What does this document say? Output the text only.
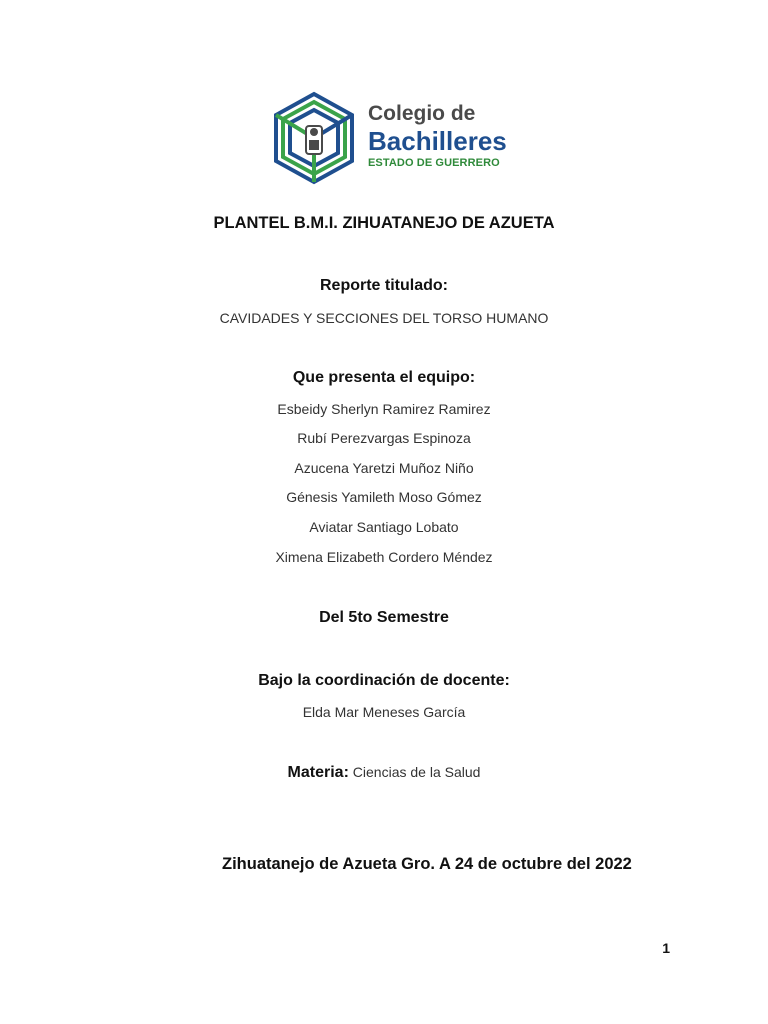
Colegio de
Bachilleres
ESTADO DE GUERRERO
PLANTEL B.M.I. ZIHUATANEJO DE AZUETA
Reporte titulado:
CAVIDADES Y SECCIONES DEL TORSO HUMANO
Que presenta el equipo:
Esbeidy Sherlyn Ramirez Ramirez
Rubí Perezvargas Espinoza
Azucena Yaretzi Muñoz Niño
Génesis Yamileth Moso Gómez
Aviatar Santiago Lobato
Ximena Elizabeth Cordero Méndez
Del 5to Semestre
Bajo la coordinación de docente:
Elda Mar Meneses García
Materia: Ciencias de la Salud
Zihuatanejo de Azueta Gro. A 24 de octubre del 2022
1
